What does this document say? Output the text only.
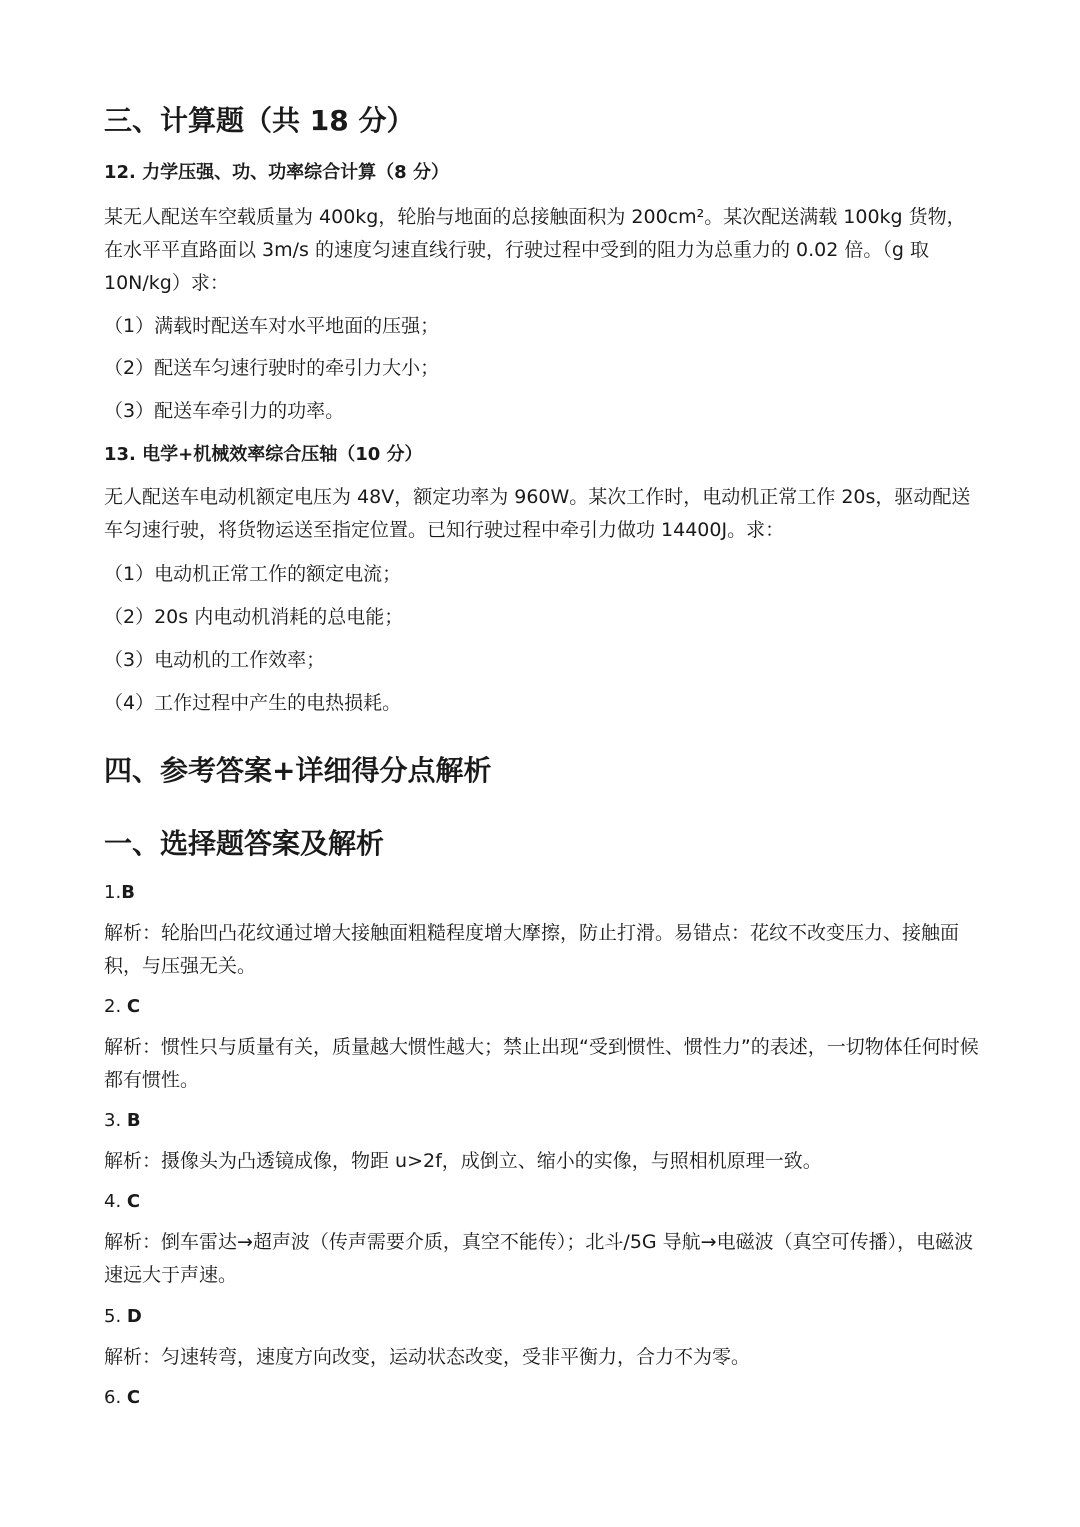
三、计算题（共 18 分）
12. 力学压强、功、功率综合计算（8 分）

某无人配送车空载质量为 400kg，轮胎与地面的总接触面积为 200cm²。某次配送满载 100kg 货物，在水平平直路面以 3m/s 的速度匀速直线行驶，行驶过程中受到的阻力为总重力的 0.02 倍。（g 取 10N/kg）求：

（1）满载时配送车对水平地面的压强；
（2）配送车匀速行驶时的牵引力大小；
（3）配送车牵引力的功率。
13. 电学+机械效率综合压轴（10 分）

无人配送车电动机额定电压为 48V，额定功率为 960W。某次工作时，电动机正常工作 20s，驱动配送车匀速行驶，将货物运送至指定位置。已知行驶过程中牵引力做功 14400J。求：

（1）电动机正常工作的额定电流；
（2）20s 内电动机消耗的总电能；
（3）电动机的工作效率；
（4）工作过程中产生的电热损耗。
四、参考答案+详细得分点解析
一、选择题答案及解析
1.B

解析：轮胎凹凸花纹通过增大接触面粗糙程度增大摩擦，防止打滑。易错点：花纹不改变压力、接触面积，与压强无关。

2. C

解析：惯性只与质量有关，质量越大惯性越大；禁止出现“受到惯性、惯性力”的表述，一切物体任何时候都有惯性。

3. B

解析：摄像头为凸透镜成像，物距 u>2f，成倒立、缩小的实像，与照相机原理一致。

4. C

解析：倒车雷达→超声波（传声需要介质，真空不能传）；北斗/5G 导航→电磁波（真空可传播），电磁波速远大于声速。

5. D

解析：匀速转弯，速度方向改变，运动状态改变，受非平衡力，合力不为零。

6. C
